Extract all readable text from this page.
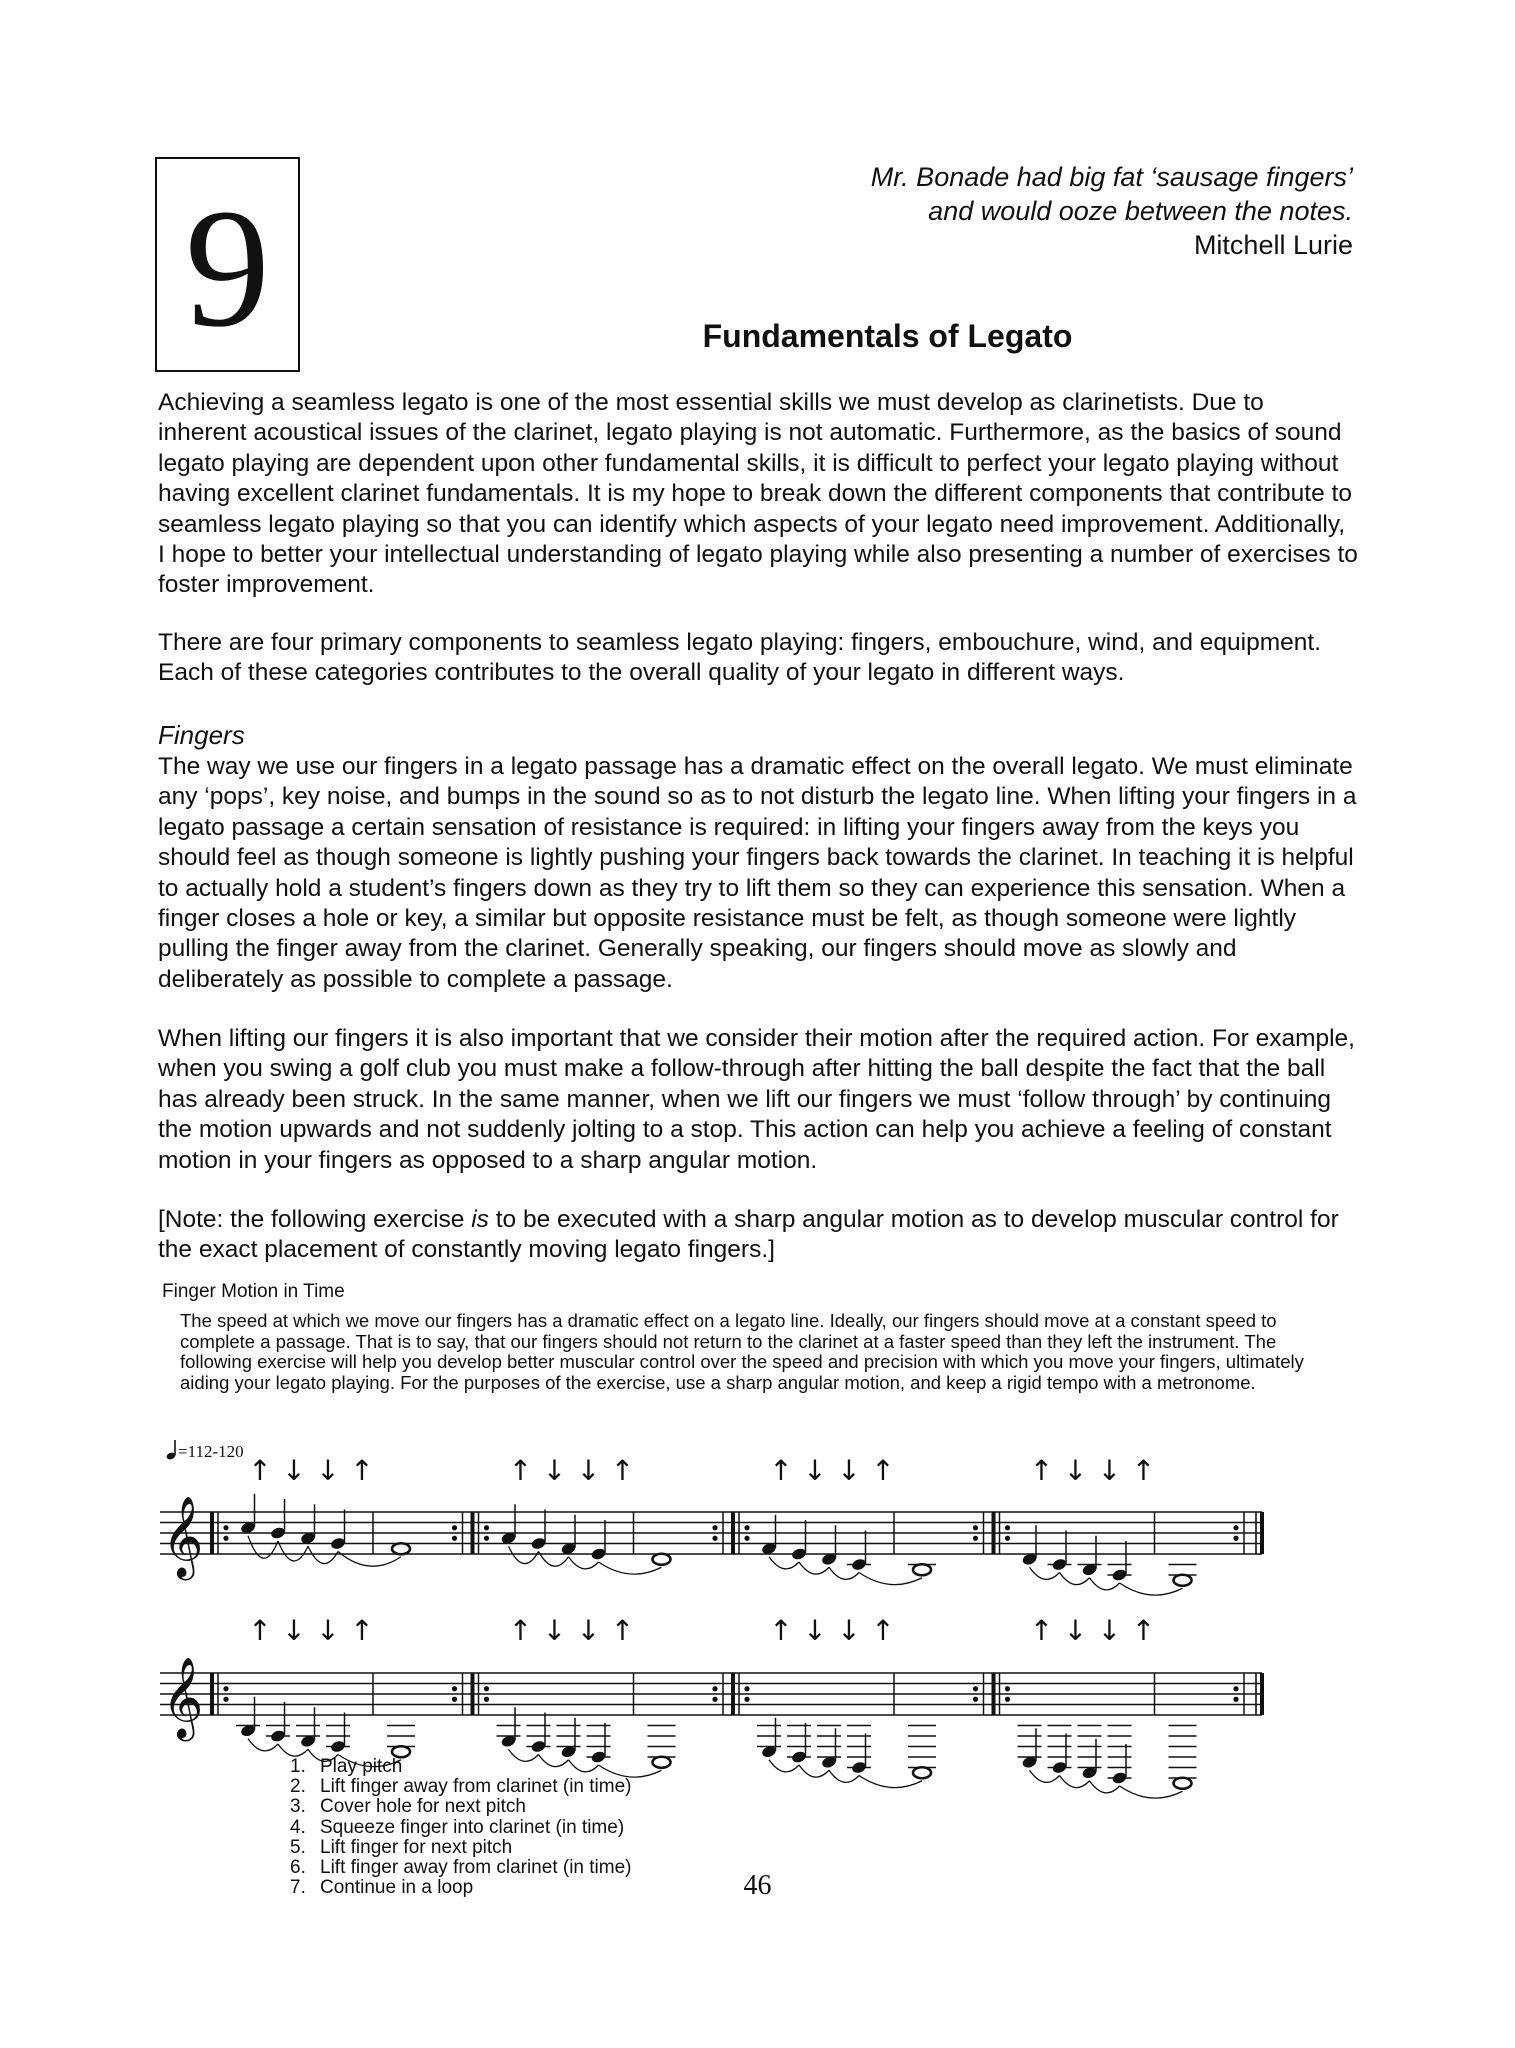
9	Mr. Bonade had big fat ‘sausage fingers’
and would ooze between the notes.
Mitchell Lurie
Fundamentals of Legato

Achieving a seamless legato is one of the most essential skills we must develop as clarinetists. Due to inherent acoustical issues of the clarinet, legato playing is not automatic. Furthermore, as the basics of sound legato playing are dependent upon other fundamental skills, it is difficult to perfect your legato playing without having excellent clarinet fundamentals. It is my hope to break down the different components that contribute to seamless legato playing so that you can identify which aspects of your legato need improvement. Additionally, I hope to better your intellectual understanding of legato playing while also presenting a number of exercises to foster improvement.

There are four primary components to seamless legato playing: fingers, embouchure, wind, and equipment. Each of these categories contributes to the overall quality of your legato in different ways.

Fingers

The way we use our fingers in a legato passage has a dramatic effect on the overall legato. We must eliminate any ‘pops’, key noise, and bumps in the sound so as to not disturb the legato line. When lifting your fingers in a legato passage a certain sensation of resistance is required: in lifting your fingers away from the keys you should feel as though someone is lightly pushing your fingers back towards the clarinet. In teaching it is helpful to actually hold a student’s fingers down as they try to lift them so they can experience this sensation. When a finger closes a hole or key, a similar but opposite resistance must be felt, as though someone were lightly pulling the finger away from the clarinet. Generally speaking, our fingers should move as slowly and deliberately as possible to complete a passage.

When lifting our fingers it is also important that we consider their motion after the required action. For example, when you swing a golf club you must make a follow-through after hitting the ball despite the fact that the ball has already been struck. In the same manner, when we lift our fingers we must ‘follow through’ by continuing the motion upwards and not suddenly jolting to a stop. This action can help you achieve a feeling of constant motion in your fingers as opposed to a sharp angular motion.

[Note: the following exercise is to be executed with a sharp angular motion as to develop muscular control for the exact placement of constantly moving legato fingers.]

Finger Motion in Time

The speed at which we move our fingers has a dramatic effect on a legato line. Ideally, our fingers should move at a constant speed to complete a passage. That is to say, that our fingers should not return to the clarinet at a faster speed than they left the instrument. The following exercise will help you develop better muscular control over the speed and precision with which you move your fingers, ultimately aiding your legato playing. For the purposes of the exercise, use a sharp angular motion, and keep a rigid tempo with a metronome.

=112-120
𝄞
↑ ↓ ↓ ↑	↑ ↓ ↓ ↑	↑ ↓ ↓ ↑	↑ ↓ ↓ ↑
𝄞
↑ ↓ ↓ ↑	↑ ↓ ↓ ↑	↑ ↓ ↓ ↑	↑ ↓ ↓ ↑
1. Play pitch
2. Lift finger away from clarinet (in time)
3. Cover hole for next pitch
4. Squeeze finger into clarinet (in time)
5. Lift finger for next pitch
6. Lift finger away from clarinet (in time)
7. Continue in a loop	46
